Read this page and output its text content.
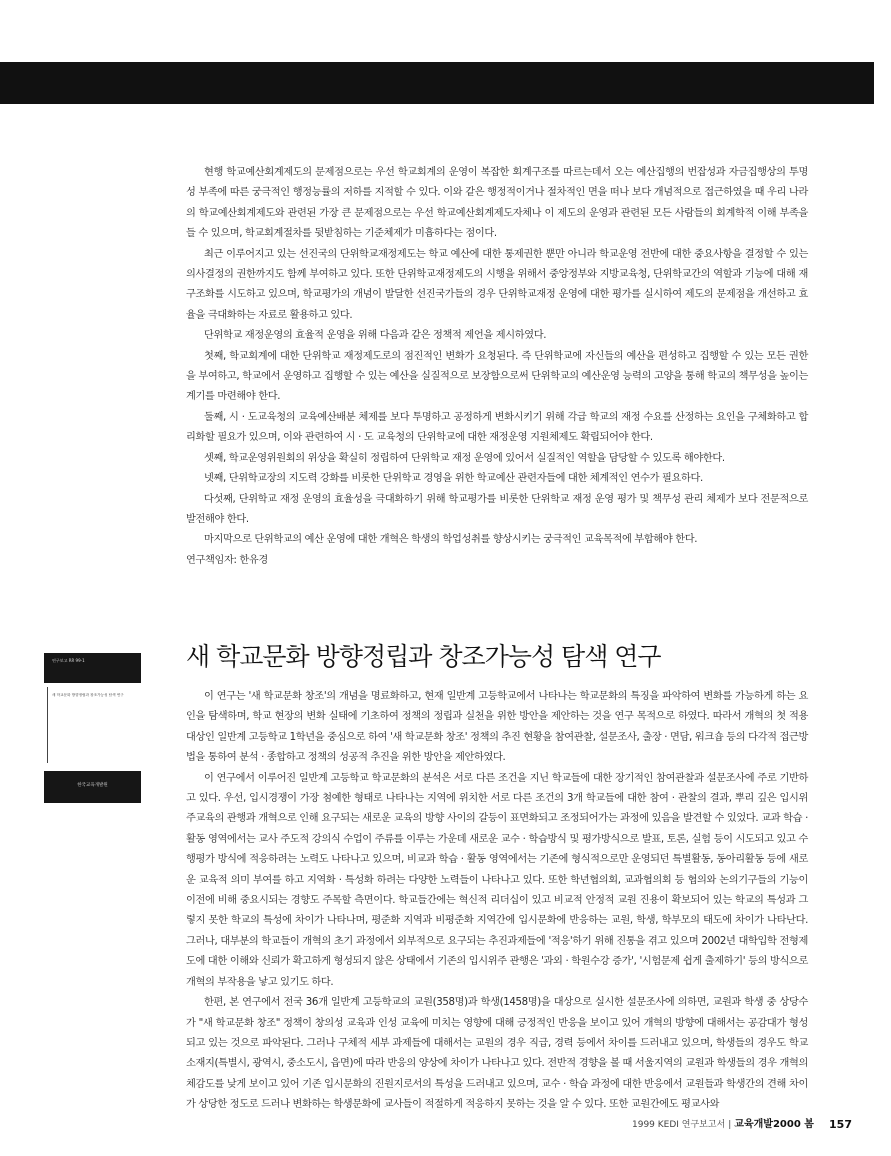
현행 학교예산회계제도의 문제점으로는 우선 학교회계의 운영이 복잡한 회계구조를 따르는데서 오는 예산집행의 번잡성과 자금집행상의 투명성 부족에 따른 궁극적인 행정능률의 저하를 지적할 수 있다. 이와 같은 행정적이거나 절차적인 면을 떠나 보다 개념적으로 접근하였을 때 우리 나라의 학교예산회계제도와 관련된 가장 큰 문제점으로는 우선 학교예산회계제도자체나 이 제도의 운영과 관련된 모든 사람들의 회계학적 이해 부족을 들 수 있으며, 학교회계절차를 뒷받침하는 기준체제가 미흡하다는 점이다.

최근 이루어지고 있는 선진국의 단위학교재정제도는 학교 예산에 대한 통제권한 뿐만 아니라 학교운영 전반에 대한 중요사항을 결정할 수 있는 의사결정의 권한까지도 함께 부여하고 있다. 또한 단위학교재정제도의 시행을 위해서 중앙정부와 지방교육청, 단위학교간의 역할과 기능에 대해 재구조화를 시도하고 있으며, 학교평가의 개념이 발달한 선진국가들의 경우 단위학교재정 운영에 대한 평가를 실시하여 제도의 문제점을 개선하고 효율을 극대화하는 자료로 활용하고 있다.

단위학교 재정운영의 효율적 운영을 위해 다음과 같은 정책적 제언을 제시하였다.

첫째, 학교회계에 대한 단위학교 재정제도로의 점진적인 변화가 요청된다. 즉 단위학교에 자신들의 예산을 편성하고 집행할 수 있는 모든 권한을 부여하고, 학교에서 운영하고 집행할 수 있는 예산을 실질적으로 보장함으로써 단위학교의 예산운영 능력의 고양을 통해 학교의 책무성을 높이는 계기를 마련해야 한다.

둘째, 시 · 도교육청의 교육예산배분 체제를 보다 투명하고 공정하게 변화시키기 위해 각급 학교의 재정 수요를 산정하는 요인을 구체화하고 합리화할 필요가 있으며, 이와 관련하여 시 · 도 교육청의 단위학교에 대한 재정운영 지원체제도 확립되어야 한다.

셋째, 학교운영위원회의 위상을 확실히 정립하여 단위학교 재정 운영에 있어서 실질적인 역할을 담당할 수 있도록 해야한다.

넷째, 단위학교장의 지도력 강화를 비롯한 단위학교 경영을 위한 학교예산 관련자들에 대한 체계적인 연수가 필요하다.

다섯째, 단위학교 재정 운영의 효율성을 극대화하기 위해 학교평가를 비롯한 단위학교 재정 운영 평가 및 책무성 관리 체제가 보다 전문적으로 발전해야 한다.

마지막으로 단위학교의 예산 운영에 대한 개혁은 학생의 학업성취를 향상시키는 궁극적인 교육목적에 부합해야 한다.

연구책임자: 한유경

연구보고 RR 99-1
새 학교문화 방향정립과 창조가능성 탐색 연구
한국교육개발원
새 학교문화 방향정립과 창조가능성 탐색 연구

이 연구는 '새 학교문화 창조'의 개념을 명료화하고, 현재 일반계 고등학교에서 나타나는 학교문화의 특징을 파악하여 변화를 가능하게 하는 요인을 탐색하며, 학교 현장의 변화 실태에 기초하여 정책의 정립과 실천을 위한 방안을 제안하는 것을 연구 목적으로 하였다. 따라서 개혁의 첫 적용대상인 일반계 고등학교 1학년을 중심으로 하여 '새 학교문화 창조' 정책의 추진 현황을 참여관찰, 설문조사, 출장 · 면담, 워크숍 등의 다각적 접근방법을 통하여 분석 · 종합하고 정책의 성공적 추진을 위한 방안을 제안하였다.

이 연구에서 이루어진 일반계 고등학교 학교문화의 분석은 서로 다른 조건을 지닌 학교들에 대한 장기적인 참여관찰과 설문조사에 주로 기반하고 있다. 우선, 입시경쟁이 가장 첨예한 형태로 나타나는 지역에 위치한 서로 다른 조건의 3개 학교들에 대한 참여 · 관찰의 결과, 뿌리 깊은 입시위주교육의 관행과 개혁으로 인해 요구되는 새로운 교육의 방향 사이의 갈등이 표면화되고 조정되어가는 과정에 있음을 발견할 수 있었다. 교과 학습 · 활동 영역에서는 교사 주도적 강의식 수업이 주류를 이루는 가운데 새로운 교수 · 학습방식 및 평가방식으로 발표, 토론, 실험 등이 시도되고 있고 수행평가 방식에 적응하려는 노력도 나타나고 있으며, 비교과 학습 · 활동 영역에서는 기존에 형식적으로만 운영되던 특별활동, 동아리활동 등에 새로운 교육적 의미 부여를 하고 지역화 · 특성화 하려는 다양한 노력들이 나타나고 있다. 또한 학년협의회, 교과협의회 등 협의와 논의기구들의 기능이 이전에 비해 중요시되는 경향도 주목할 측면이다. 학교들간에는 혁신적 리더십이 있고 비교적 안정적 교원 진용이 확보되어 있는 학교의 특성과 그렇지 못한 학교의 특성에 차이가 나타나며, 평준화 지역과 비평준화 지역간에 입시문화에 반응하는 교원, 학생, 학부모의 태도에 차이가 나타난다. 그러나, 대부분의 학교들이 개혁의 초기 과정에서 외부적으로 요구되는 추진과제들에 '적응'하기 위해 진통을 겪고 있으며 2002년 대학입학 전형제도에 대한 이해와 신뢰가 확고하게 형성되지 않은 상태에서 기존의 입시위주 관행은 '과외 · 학원수강 증가', '시험문제 쉽게 출제하기' 등의 방식으로 개혁의 부작용을 낳고 있기도 하다.

한편, 본 연구에서 전국 36개 일반계 고등학교의 교원(358명)과 학생(1458명)을 대상으로 실시한 설문조사에 의하면, 교원과 학생 중 상당수가 "새 학교문화 창조" 정책이 창의성 교육과 인성 교육에 미치는 영향에 대해 긍정적인 반응을 보이고 있어 개혁의 방향에 대해서는 공감대가 형성되고 있는 것으로 파악된다. 그러나 구체적 세부 과제들에 대해서는 교원의 경우 직급, 경력 등에서 차이를 드러내고 있으며, 학생들의 경우도 학교소재지(특별시, 광역시, 중소도시, 읍면)에 따라 반응의 양상에 차이가 나타나고 있다. 전반적 경향을 볼 때 서울지역의 교원과 학생들의 경우 개혁의 체감도를 낮게 보이고 있어 기존 입시문화의 진원지로서의 특성을 드러내고 있으며, 교수 · 학습 과정에 대한 반응에서 교원들과 학생간의 견해 차이가 상당한 정도로 드러나 변화하는 학생문화에 교사들이 적절하게 적응하지 못하는 것을 알 수 있다. 또한 교원간에도 평교사와

1999 KEDI 연구보고서 | 교육개발2000 봄 157
